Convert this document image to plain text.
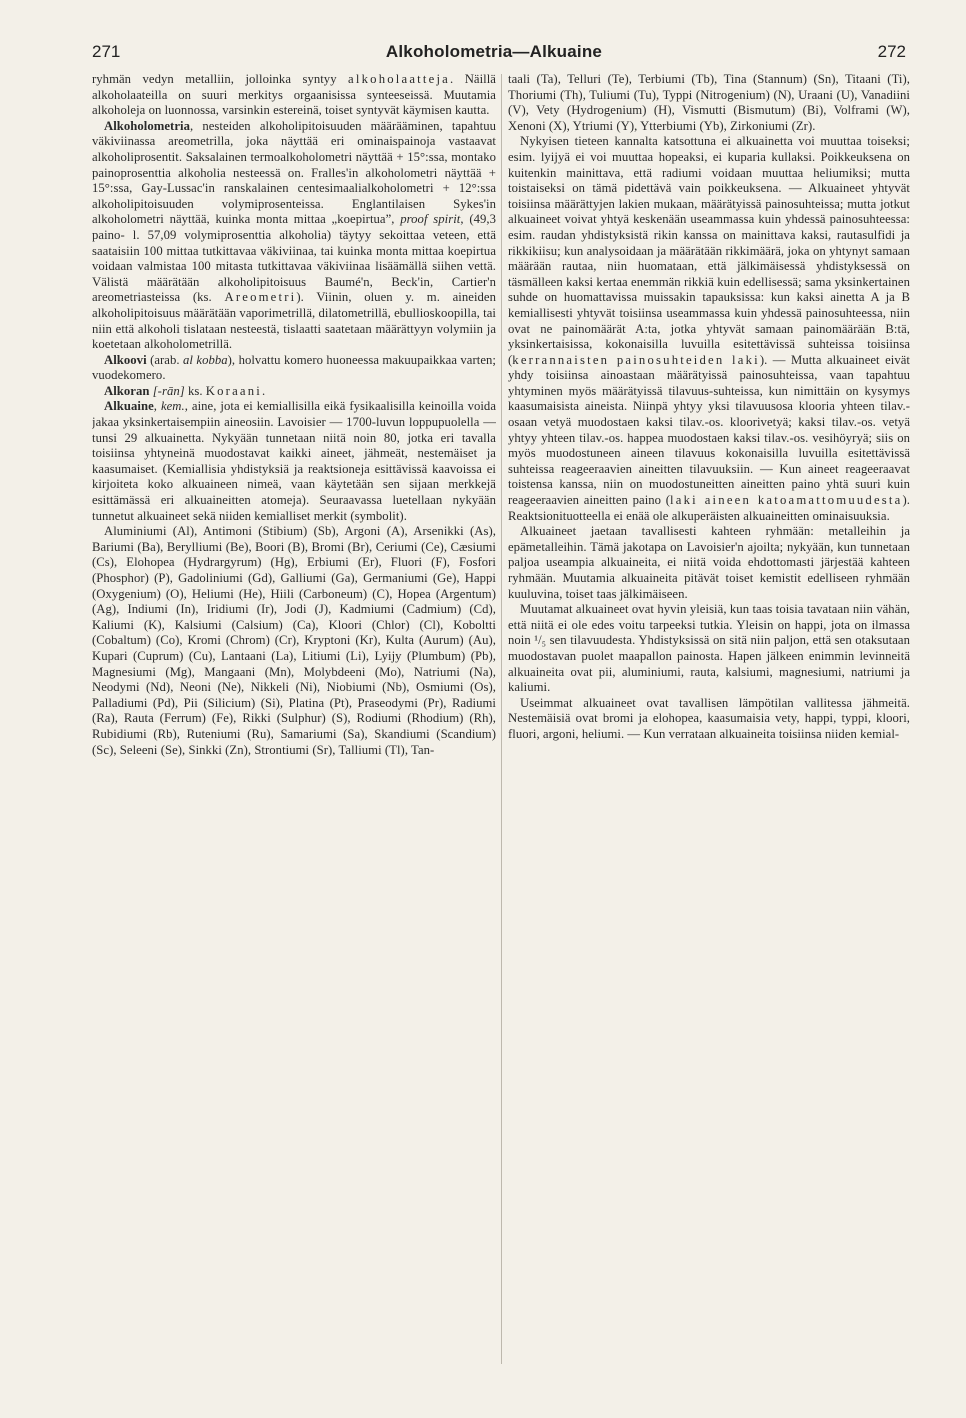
271	Alkoholometria—Alkuaine	272

ryhmän vedyn metalliin, jolloinka syntyy alkoholaatteja. Näillä alkoholaateilla on suuri merkitys orgaanisissa synteeseissä. Muutamia alkoholeja on luonnossa, varsinkin estereinä, toiset syntyvät käymisen kautta.

Alkoholometria, nesteiden alkoholipitoisuuden määrääminen, tapahtuu väkiviinassa areometrilla, joka näyttää eri ominaispainoja vastaavat alkoholiprosentit. Saksalainen termoalkoholometri näyttää + 15°:ssa, montako painoprosenttia alkoholia nesteessä on. Fralles'in alkoholometri näyttää + 15°:ssa, Gay-Lussac'in ranskalainen centesimaalialkoholometri + 12°:ssa alkoholipitoisuuden volymiprosenteissa. Englantilaisen Sykes'in alkoholometri näyttää, kuinka monta mittaa „koepirtua”, proof spirit, (49,3 paino- l. 57,09 volymiprosenttia alkoholia) täytyy sekoittaa veteen, että saataisiin 100 mittaa tutkittavaa väkiviinaa, tai kuinka monta mittaa koepirtua voidaan valmistaa 100 mitasta tutkittavaa väkiviinaa lisäämällä siihen vettä. Välistä määrätään alkoholipitoisuus Baumé'n, Beck'in, Cartier'n areometriasteissa (ks. Areometri). Viinin, oluen y. m. aineiden alkoholipitoisuus määrätään vaporimetrillä, dilatometrillä, ebullioskoopilla, tai niin että alkoholi tislataan nesteestä, tislaatti saatetaan määrättyyn volymiin ja koetetaan alkoholometrillä.

Alkoovi (arab. al kobba), holvattu komero huoneessa makuupaikkaa varten; vuodekomero.

Alkoran [-rān] ks. Koraani.

Alkuaine, kem., aine, jota ei kemiallisilla eikä fysikaalisilla keinoilla voida jakaa yksinkertaisempiin aineosiin. Lavoisier — 1700-luvun loppupuolella — tunsi 29 alkuainetta. Nykyään tunnetaan niitä noin 80, jotka eri tavalla toisiinsa yhtyneinä muodostavat kaikki aineet, jähmeät, nestemäiset ja kaasumaiset. (Kemiallisia yhdistyksiä ja reaktsioneja esittävissä kaavoissa ei kirjoiteta koko alkuaineen nimeä, vaan käytetään sen sijaan merkkejä esittämässä eri alkuaineitten atomeja). Seuraavassa luetellaan nykyään tunnetut alkuaineet sekä niiden kemialliset merkit (symbolit).

Aluminiumi (Al), Antimoni (Stibium) (Sb), Argoni (A), Arsenikki (As), Bariumi (Ba), Berylliumi (Be), Boori (B), Bromi (Br), Ceriumi (Ce), Cæsiumi (Cs), Elohopea (Hydrargyrum) (Hg), Erbiumi (Er), Fluori (F), Fosfori (Phosphor) (P), Gadoliniumi (Gd), Galliumi (Ga), Germaniumi (Ge), Happi (Oxygenium) (O), Heliumi (He), Hiili (Carboneum) (C), Hopea (Argentum) (Ag), Indiumi (In), Iridiumi (Ir), Jodi (J), Kadmiumi (Cadmium) (Cd), Kaliumi (K), Kalsiumi (Calsium) (Ca), Kloori (Chlor) (Cl), Koboltti (Cobaltum) (Co), Kromi (Chrom) (Cr), Kryptoni (Kr), Kulta (Aurum) (Au), Kupari (Cuprum) (Cu), Lantaani (La), Litiumi (Li), Lyijy (Plumbum) (Pb), Magnesiumi (Mg), Mangaani (Mn), Molybdeeni (Mo), Natriumi (Na), Neodymi (Nd), Neoni (Ne), Nikkeli (Ni), Niobiumi (Nb), Osmiumi (Os), Palladiumi (Pd), Pii (Silicium) (Si), Platina (Pt), Praseodymi (Pr), Radiumi (Ra), Rauta (Ferrum) (Fe), Rikki (Sulphur) (S), Rodiumi (Rhodium) (Rh), Rubidiumi (Rb), Ruteniumi (Ru), Samariumi (Sa), Skandiumi (Scandium) (Sc), Seleeni (Se), Sinkki (Zn), Strontiumi (Sr), Talliumi (Tl), Tan-

taali (Ta), Telluri (Te), Terbiumi (Tb), Tina (Stannum) (Sn), Titaani (Ti), Thoriumi (Th), Tuliumi (Tu), Typpi (Nitrogenium) (N), Uraani (U), Vanadiini (V), Vety (Hydrogenium) (H), Vismutti (Bismutum) (Bi), Volframi (W), Xenoni (X), Ytriumi (Y), Ytterbiumi (Yb), Zirkoniumi (Zr).

Nykyisen tieteen kannalta katsottuna ei alkuainetta voi muuttaa toiseksi; esim. lyijyä ei voi muuttaa hopeaksi, ei kuparia kullaksi. Poikkeuksena on kuitenkin mainittava, että radiumi voidaan muuttaa heliumiksi; mutta toistaiseksi on tämä pidettävä vain poikkeuksena. — Alkuaineet yhtyvät toisiinsa määrättyjen lakien mukaan, määrätyissä painosuhteissa; mutta jotkut alkuaineet voivat yhtyä keskenään useammassa kuin yhdessä painosuhteessa: esim. raudan yhdistyksistä rikin kanssa on mainittava kaksi, rautasulfidi ja rikkikiisu; kun analysoidaan ja määrätään rikkimäärä, joka on yhtynyt samaan määrään rautaa, niin huomataan, että jälkimäisessä yhdistyksessä on täsmälleen kaksi kertaa enemmän rikkiä kuin edellisessä; sama yksinkertainen suhde on huomattavissa muissakin tapauksissa: kun kaksi ainetta A ja B kemiallisesti yhtyvät toisiinsa useammassa kuin yhdessä painosuhteessa, niin ovat ne painomäärät A:ta, jotka yhtyvät samaan painomäärään B:tä, yksinkertaisissa, kokonaisilla luvuilla esitettävissä suhteissa toisiinsa (kerrannaisten painosuhteiden laki). — Mutta alkuaineet eivät yhdy toisiinsa ainoastaan määrätyissä painosuhteissa, vaan tapahtuu yhtyminen myös määrätyissä tilavuus-suhteissa, kun nimittäin on kysymys kaasumaisista aineista. Niinpä yhtyy yksi tilavuusosa klooria yhteen tilav.-osaan vetyä muodostaen kaksi tilav.-os. kloorivetyä; kaksi tilav.-os. vetyä yhtyy yhteen tilav.-os. happea muodostaen kaksi tilav.-os. vesihöyryä; siis on myös muodostuneen aineen tilavuus kokonaisilla luvuilla esitettävissä suhteissa reageeraavien aineitten tilavuuksiin. — Kun aineet reageeraavat toistensa kanssa, niin on muodostuneitten aineitten paino yhtä suuri kuin reageeraavien aineitten paino (laki aineen katoamattomuudesta). Reaktsionituotteella ei enää ole alkuperäisten alkuaineitten ominaisuuksia.

Alkuaineet jaetaan tavallisesti kahteen ryhmään: metalleihin ja epämetalleihin. Tämä jakotapa on Lavoisier'n ajoilta; nykyään, kun tunnetaan paljoa useampia alkuaineita, ei niitä voida ehdottomasti järjestää kahteen ryhmään. Muutamia alkuaineita pitävät toiset kemistit edelliseen ryhmään kuuluvina, toiset taas jälkimäiseen.

Muutamat alkuaineet ovat hyvin yleisiä, kun taas toisia tavataan niin vähän, että niitä ei ole edes voitu tarpeeksi tutkia. Yleisin on happi, jota on ilmassa noin ¹/₅ sen tilavuudesta. Yhdistyksissä on sitä niin paljon, että sen otaksutaan muodostavan puolet maapallon painosta. Hapen jälkeen enimmin levinneitä alkuaineita ovat pii, aluminiumi, rauta, kalsiumi, magnesiumi, natriumi ja kaliumi.

Useimmat alkuaineet ovat tavallisen lämpötilan vallitessa jähmeitä. Nestemäisiä ovat bromi ja elohopea, kaasumaisia vety, happi, typpi, kloori, fluori, argoni, heliumi. — Kun verrataan alkuaineita toisiinsa niiden kemial-
